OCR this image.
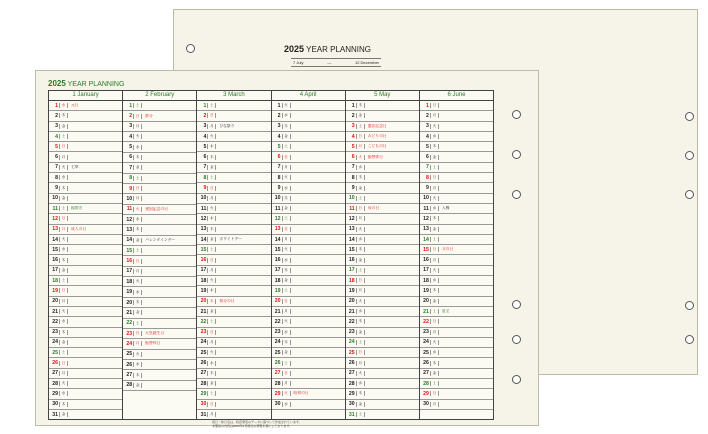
2025 YEAR PLANNING
7 July	—	12 December
2025 YEAR PLANNING
1 January
1	水	元日
2	木
3	金
4	土
5	日
6	月
7	火	七草
8	水
9	木
10	金
11	土	鏡開き
12	日
13	月	成人の日
14	火
15	水
16	木
17	金
18	土
19	日
20	月
21	火
22	水
23	木
24	金
25	土
26	日
27	月
28	火
29	水
30	木
31	金
2 February
1	土
2	日	節分
3	月
4	火
5	水
6	木
7	金
8	土
9	日
10	月
11	火	建国記念の日
12	水
13	木
14	金	バレンタインデー
15	土
16	日
17	月
18	火
19	水
20	木
21	金
22	土
23	日	天皇誕生日
24	月	振替休日
25	火
26	水
27	木
28	金
3 March
1	土
2	日
3	月	ひな祭り
4	火
5	水
6	木
7	金
8	土
9	日
10	月
11	火
12	水
13	木
14	金	ホワイトデー
15	土
16	日
17	月
18	火
19	水
20	木	春分の日
21	金
22	土
23	日
24	月
25	火
26	水
27	木
28	金
29	土
30	日
31	月
4 April
1	火
2	水
3	木
4	金
5	土
6	日
7	月
8	火
9	水
10	木
11	金
12	土
13	日
14	月
15	火
16	水
17	木
18	金
19	土
20	日
21	月
22	火
23	水
24	木
25	金
26	土
27	日
28	月
29	火	昭和の日
30	水
5 May
1	木
2	金
3	土	憲法記念日
4	日	みどりの日
5	月	こどもの日
6	火	振替休日
7	水
8	木
9	金
10	土
11	日	母の日
12	月
13	火
14	水
15	木
16	金
17	土
18	日
19	月
20	火
21	水
22	木
23	金
24	土
25	日
26	月
27	火
28	水
29	木
30	金
31	土
6 June
1	日
2	月
3	火
4	水
5	木
6	金
7	土
8	日
9	月
10	火
11	水	入梅
12	木
13	金
14	土
15	日	父の日
16	月
17	火
18	水
19	木
20	金
21	土	夏至
22	日
23	月
24	火
25	水
26	木
27	金
28	土
29	日
30	月
祝日・休日名は、政府発表のデータに基づいて作成されています。
本製品の内容は2024年2月時点の情報を基にしております。
